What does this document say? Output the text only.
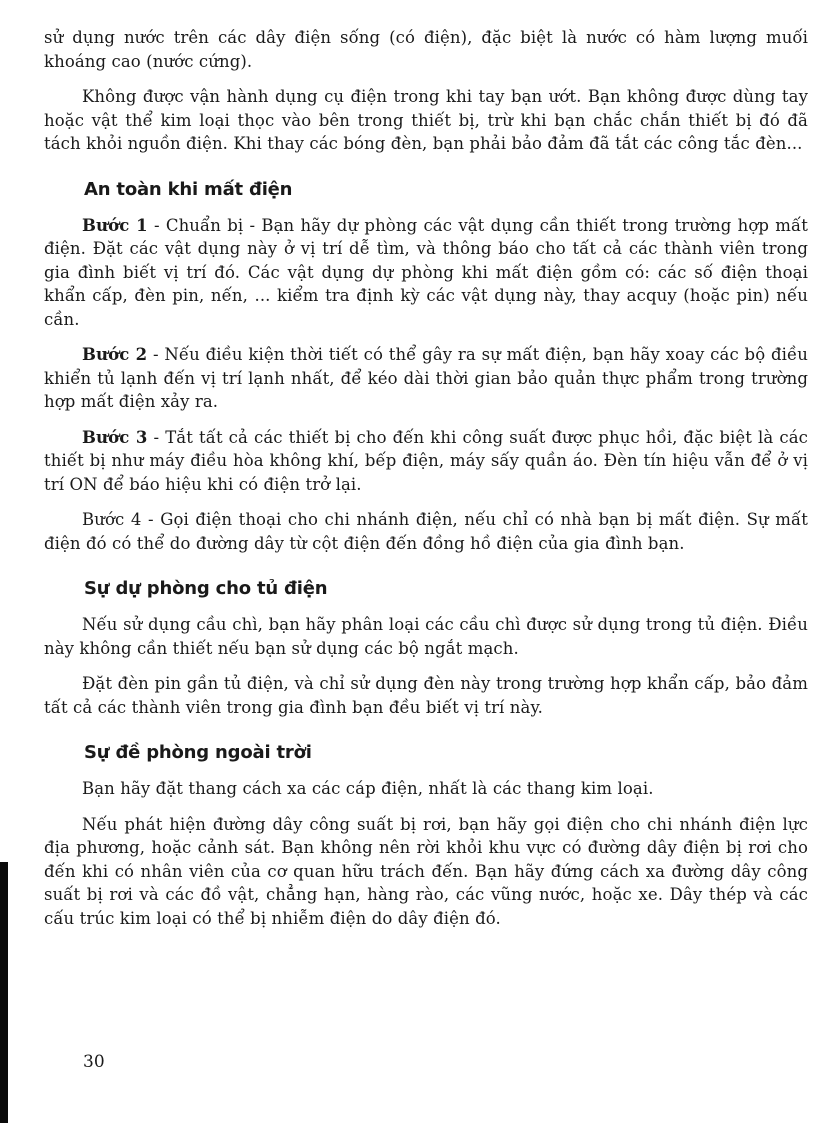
sử dụng nước trên các dây điện sống (có điện), đặc biệt là nước có hàm lượng muối khoáng cao (nước cứng).

Không được vận hành dụng cụ điện trong khi tay bạn ướt. Bạn không được dùng tay hoặc vật thể kim loại thọc vào bên trong thiết bị, trừ khi bạn chắc chắn thiết bị đó đã tách khỏi nguồn điện. Khi thay các bóng đèn, bạn phải bảo đảm đã tắt các công tắc đèn...

An toàn khi mất điện

Bước 1 - Chuẩn bị - Bạn hãy dự phòng các vật dụng cần thiết trong trường hợp mất điện. Đặt các vật dụng này ở vị trí dễ tìm, và thông báo cho tất cả các thành viên trong gia đình biết vị trí đó. Các vật dụng dự phòng khi mất điện gồm có: các số điện thoại khẩn cấp, đèn pin, nến, ... kiểm tra định kỳ các vật dụng này, thay acquy (hoặc pin) nếu cần.

Bước 2 - Nếu điều kiện thời tiết có thể gây ra sự mất điện, bạn hãy xoay các bộ điều khiển tủ lạnh đến vị trí lạnh nhất, để kéo dài thời gian bảo quản thực phẩm trong trường hợp mất điện xảy ra.

Bước 3 - Tắt tất cả các thiết bị cho đến khi công suất được phục hồi, đặc biệt là các thiết bị như máy điều hòa không khí, bếp điện, máy sấy quần áo. Đèn tín hiệu vẫn để ở vị trí ON để báo hiệu khi có điện trở lại.

Bước 4 - Gọi điện thoại cho chi nhánh điện, nếu chỉ có nhà bạn bị mất điện. Sự mất điện đó có thể do đường dây từ cột điện đến đồng hồ điện của gia đình bạn.

Sự dự phòng cho tủ điện

Nếu sử dụng cầu chì, bạn hãy phân loại các cầu chì được sử dụng trong tủ điện. Điều này không cần thiết nếu bạn sử dụng các bộ ngắt mạch.

Đặt đèn pin gần tủ điện, và chỉ sử dụng đèn này trong trường hợp khẩn cấp, bảo đảm tất cả các thành viên trong gia đình bạn đều biết vị trí này.

Sự đề phòng ngoài trời

Bạn hãy đặt thang cách xa các cáp điện, nhất là các thang kim loại.

Nếu phát hiện đường dây công suất bị rơi, bạn hãy gọi điện cho chi nhánh điện lực địa phương, hoặc cảnh sát. Bạn không nên rời khỏi khu vực có đường dây điện bị rơi cho đến khi có nhân viên của cơ quan hữu trách đến. Bạn hãy đứng cách xa đường dây công suất bị rơi và các đồ vật, chẳng hạn, hàng rào, các vũng nước, hoặc xe. Dây thép và các cấu trúc kim loại có thể bị nhiễm điện do dây điện đó.

30
